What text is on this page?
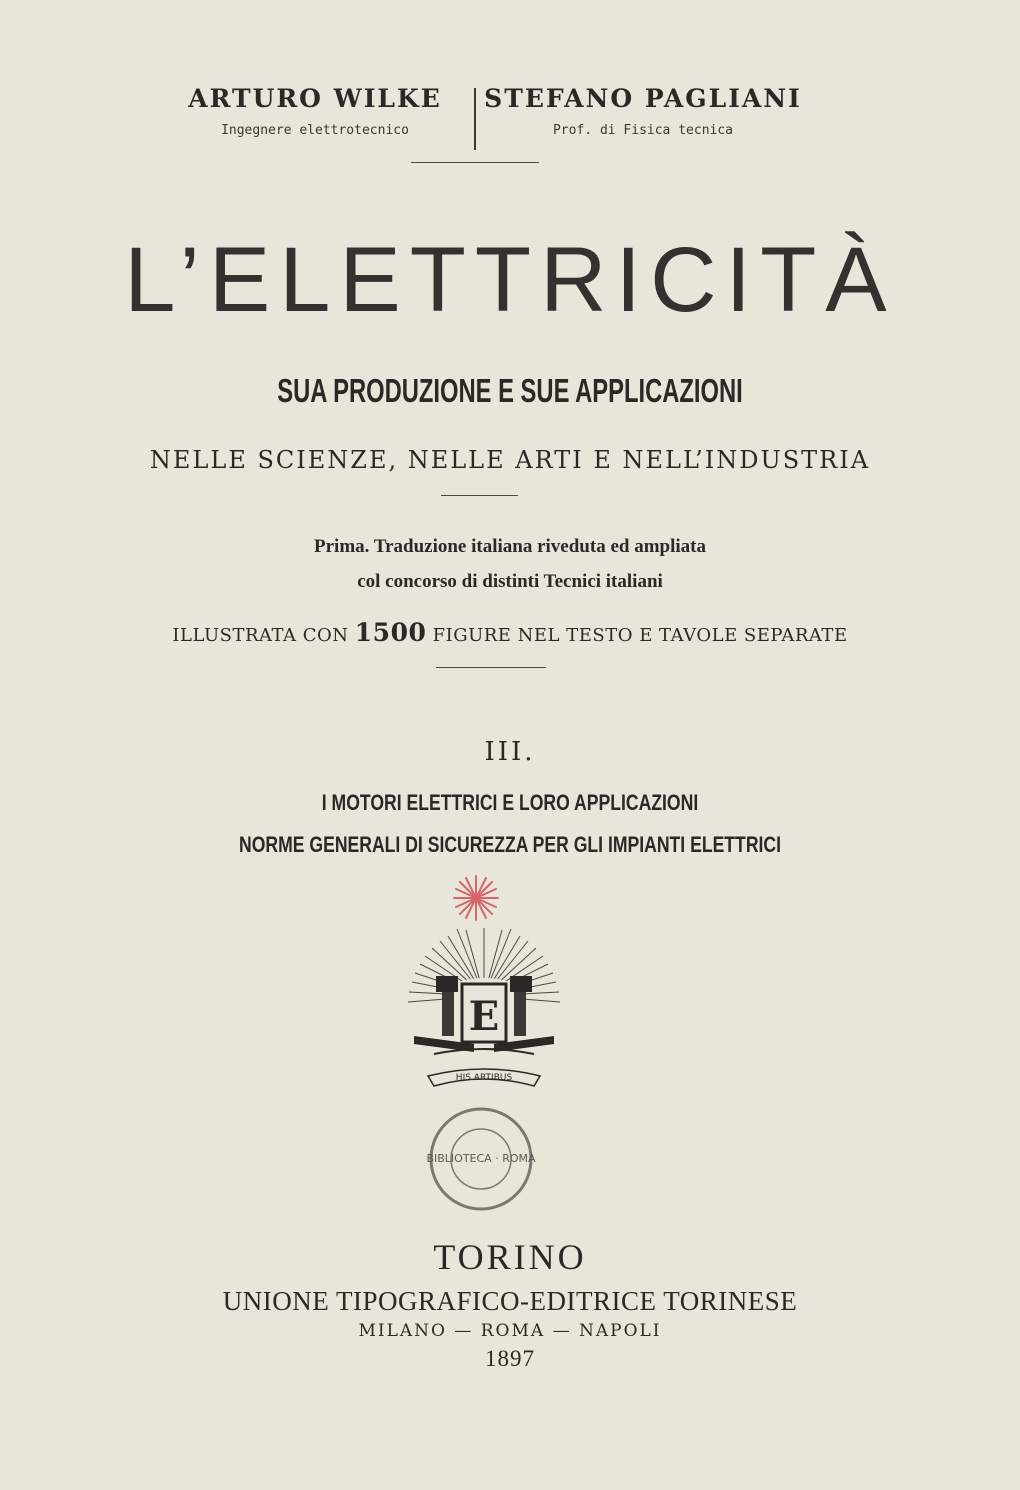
ARTURO WILKE
Ingegnere elettrotecnico
STEFANO PAGLIANI
Prof. di Fisica tecnica
L’ELETTRICITÀ
SUA PRODUZIONE E SUE APPLICAZIONI
NELLE SCIENZE, NELLE ARTI E NELL’INDUSTRIA
Prima. Traduzione italiana riveduta ed ampliata
col concorso di distinti Tecnici italiani
ILLUSTRATA CON 1500 FIGURE NEL TESTO E TAVOLE SEPARATE
III.
I MOTORI ELETTRICI E LORO APPLICAZIONI
NORME GENERALI DI SICUREZZA PER GLI IMPIANTI ELETTRICI
E
HIS ARTIBUS
BIBLIOTECA · ROMA
TORINO
UNIONE TIPOGRAFICO-EDITRICE TORINESE
MILANO — ROMA — NAPOLI
1897
